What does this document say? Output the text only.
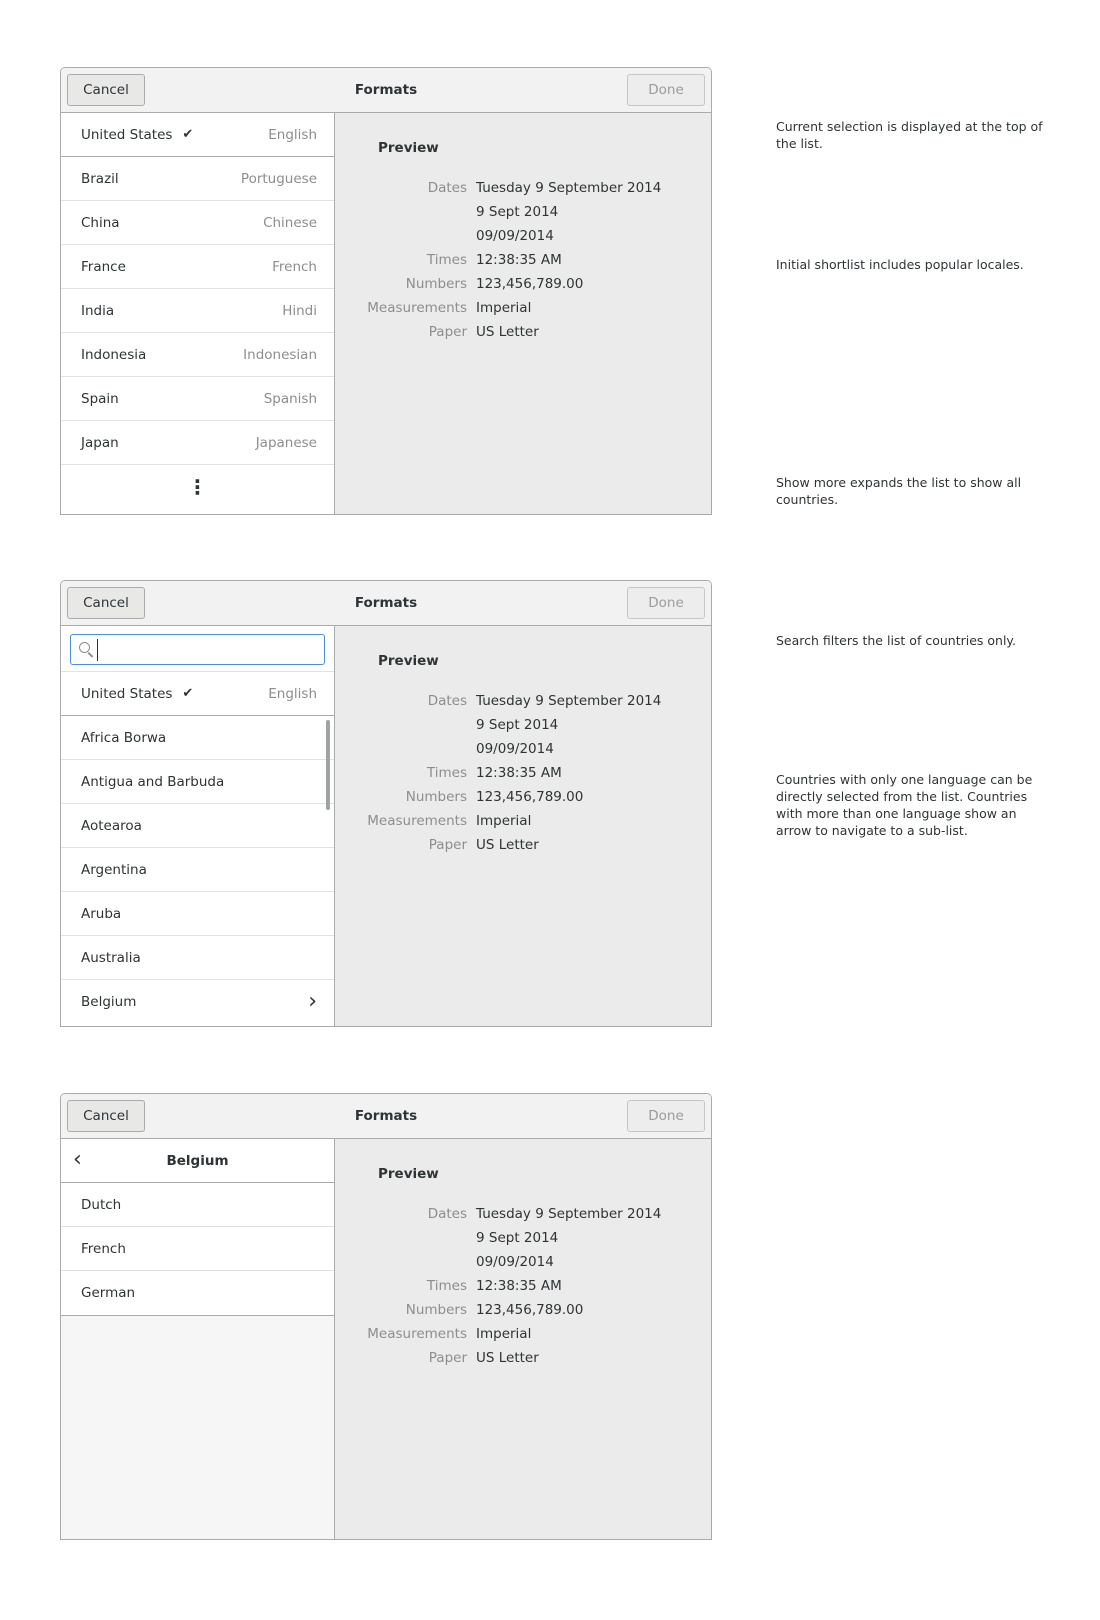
Cancel	Formats	Done
United States ✔	English
Brazil	Portuguese
China	Chinese
France	French
India	Hindi
Indonesia	Indonesian
Spain	Spanish
Japan	Japanese
⋮
Preview
Dates Tuesday 9 September 2014
9 Sept 2014
09/09/2014
Times 12:38:35 AM
Numbers 123,456,789.00
Measurements Imperial
Paper US Letter
Cancel	Formats	Done
United States ✔	English
Africa Borwa
Antigua and Barbuda
Aotearoa
Argentina
Aruba
Australia
Belgium	›
Preview
Dates Tuesday 9 September 2014
9 Sept 2014
09/09/2014
Times 12:38:35 AM
Numbers 123,456,789.00
Measurements Imperial
Paper US Letter
Cancel	Formats	Done
‹	Belgium
Dutch
French
German
Preview
Dates Tuesday 9 September 2014
9 Sept 2014
09/09/2014
Times 12:38:35 AM
Numbers 123,456,789.00
Measurements Imperial
Paper US Letter
Current selection is displayed at the top of the list.
Initial shortlist includes popular locales.
Show more expands the list to show all countries.
Search filters the list of countries only.
Countries with only one language can be directly selected from the list. Countries with more than one language show an arrow to navigate to a sub-list.
